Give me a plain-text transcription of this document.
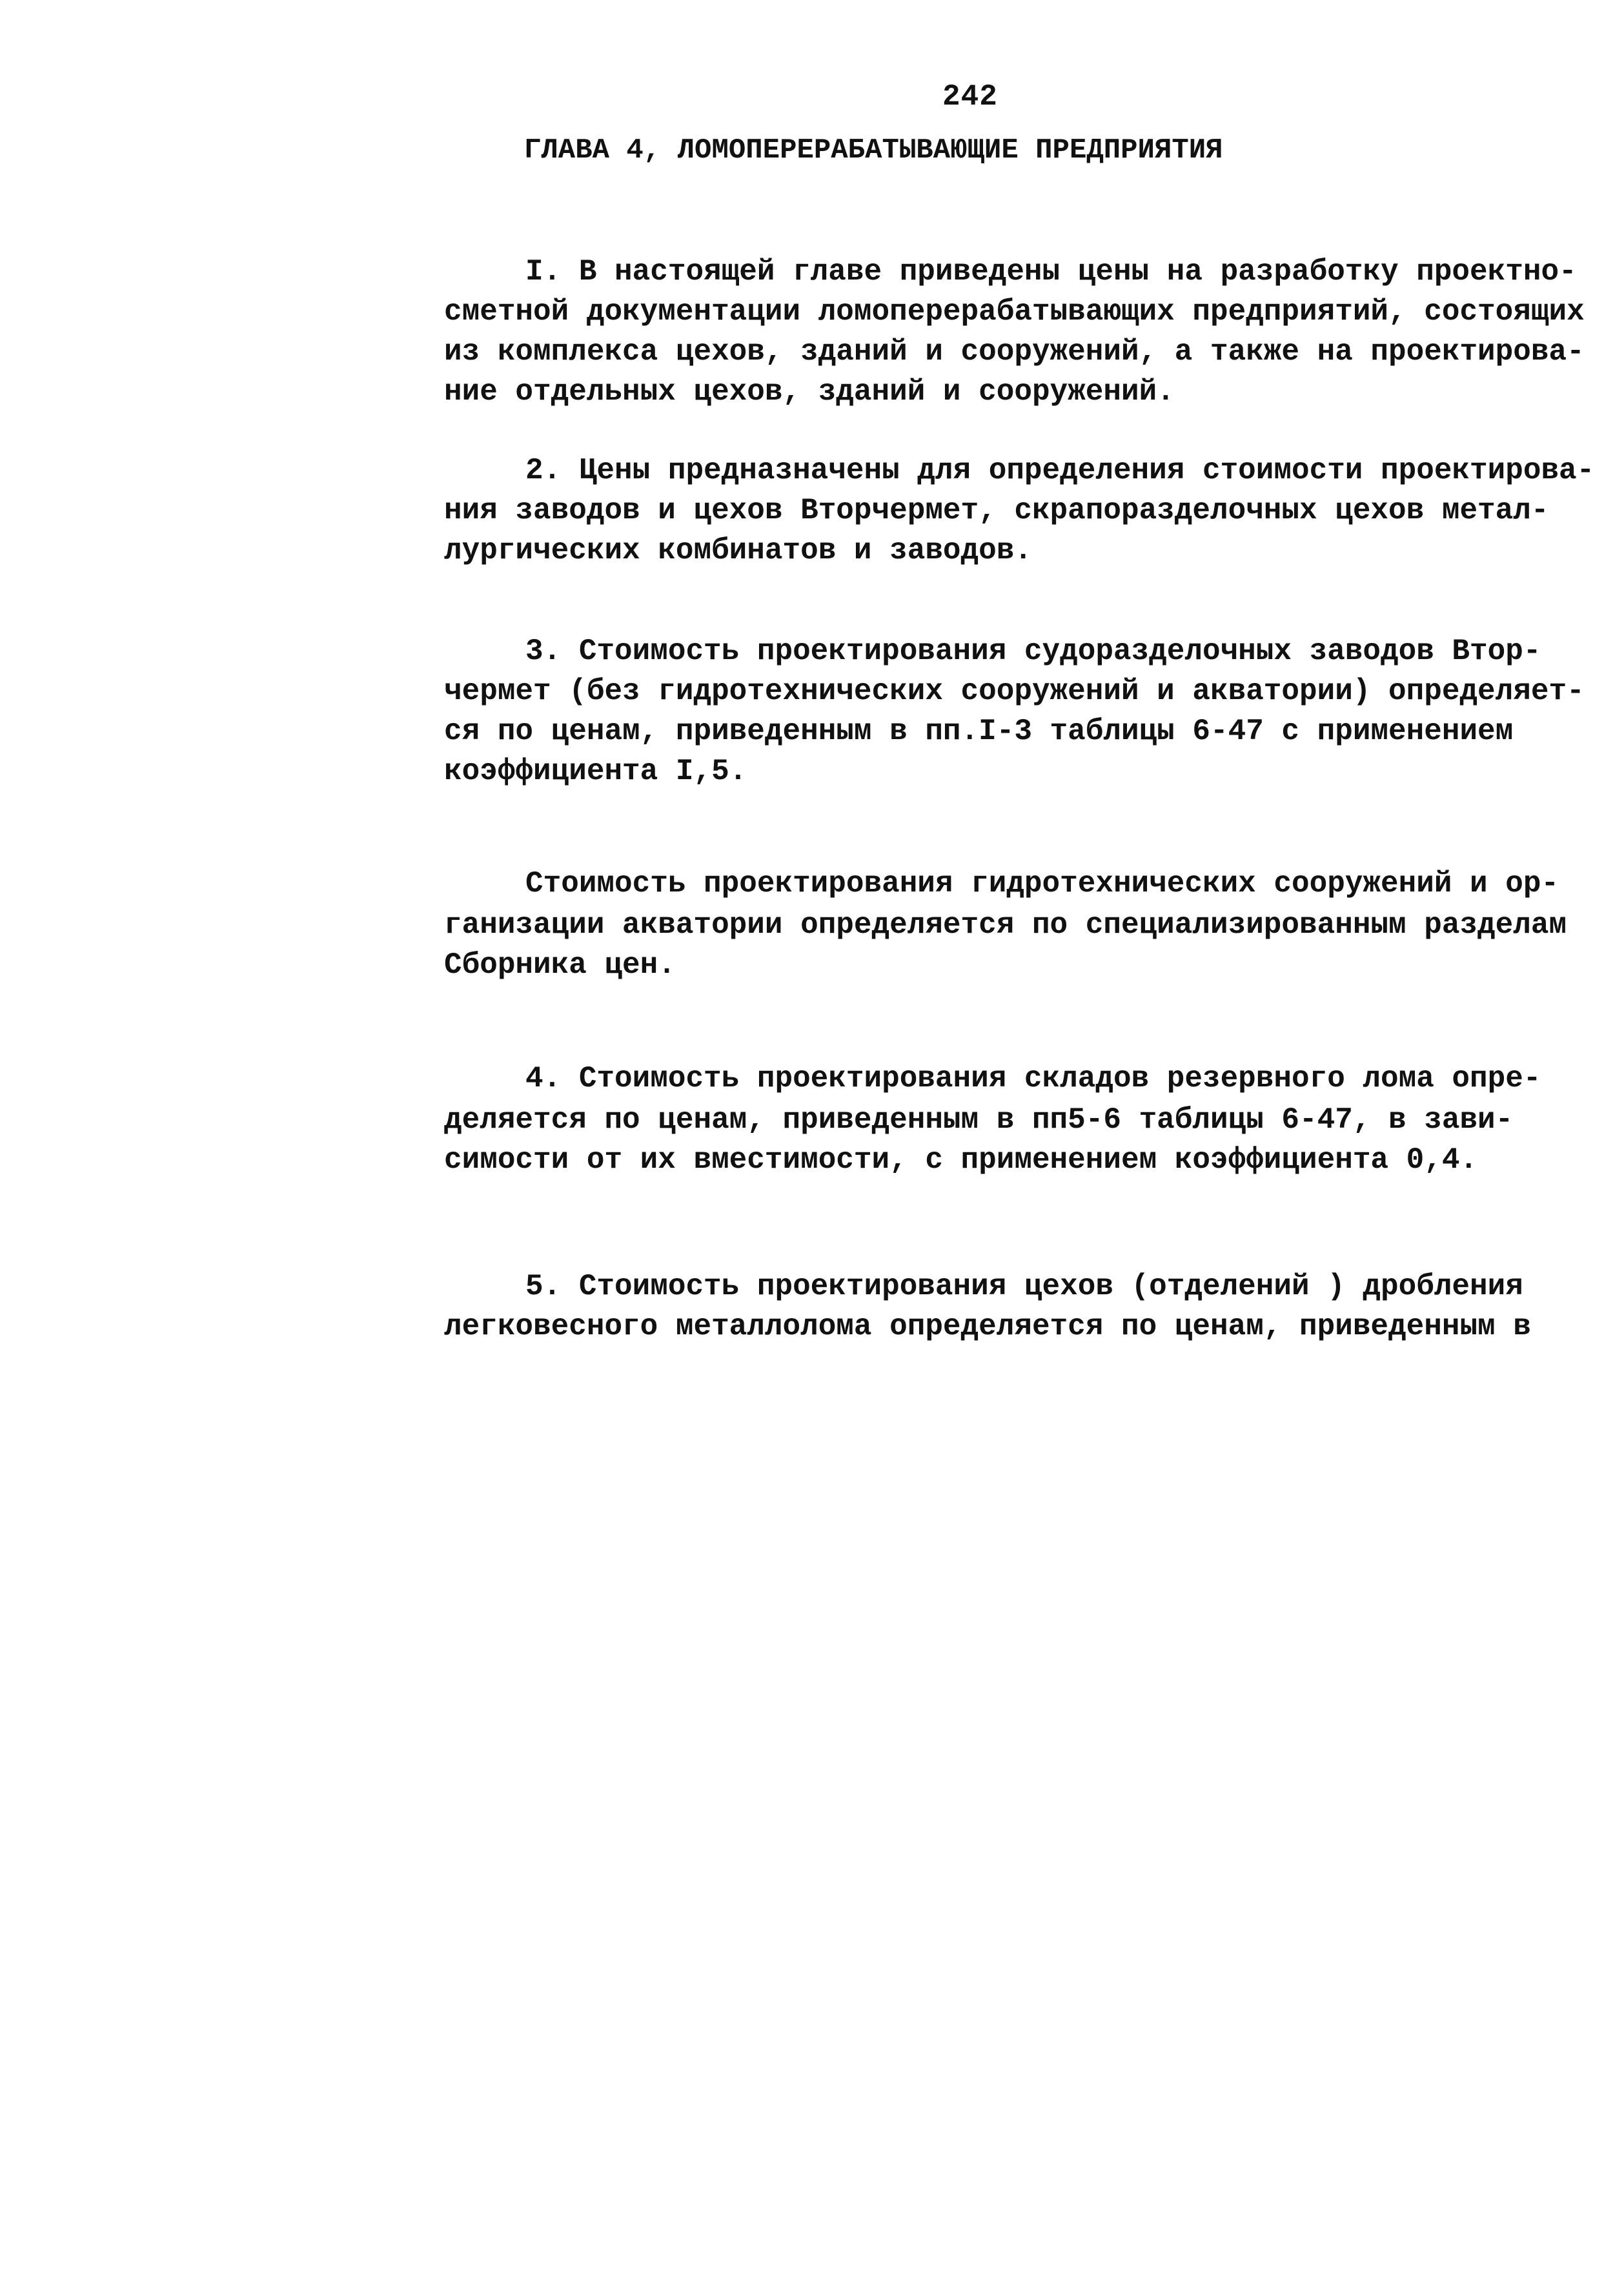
242
ГЛАВА 4, ЛОМОПЕРЕРАБАТЫВАЮЩИЕ ПРЕДПРИЯТИЯ
I. В настоящей главе приведены цены на разработку проектно-
сметной документации ломоперерабатывающих предприятий, состоящих
из комплекса цехов, зданий и сооружений, а также на проектирова-
ние отдельных цехов, зданий и сооружений.
2. Цены предназначены для определения стоимости проектирова-
ния заводов и цехов Вторчермет, скрапоразделочных цехов метал-
лургических комбинатов и заводов.
3. Стоимость проектирования судоразделочных заводов Втор-
чермет (без гидротехнических сооружений и акватории) определяет-
ся по ценам, приведенным в пп.I-3 таблицы 6-47 с применением
коэффициента I,5.
Стоимость проектирования гидротехнических сооружений и ор-
ганизации акватории определяется по специализированным разделам
Сборника цен.
4. Стоимость проектирования складов резервного лома опре-
деляется по ценам, приведенным в пп5-6 таблицы 6-47, в зави-
симости от их вместимости, с применением коэффициента 0,4.
5. Стоимость проектирования цехов (отделений ) дробления
легковесного металлолома определяется по ценам, приведенным в
